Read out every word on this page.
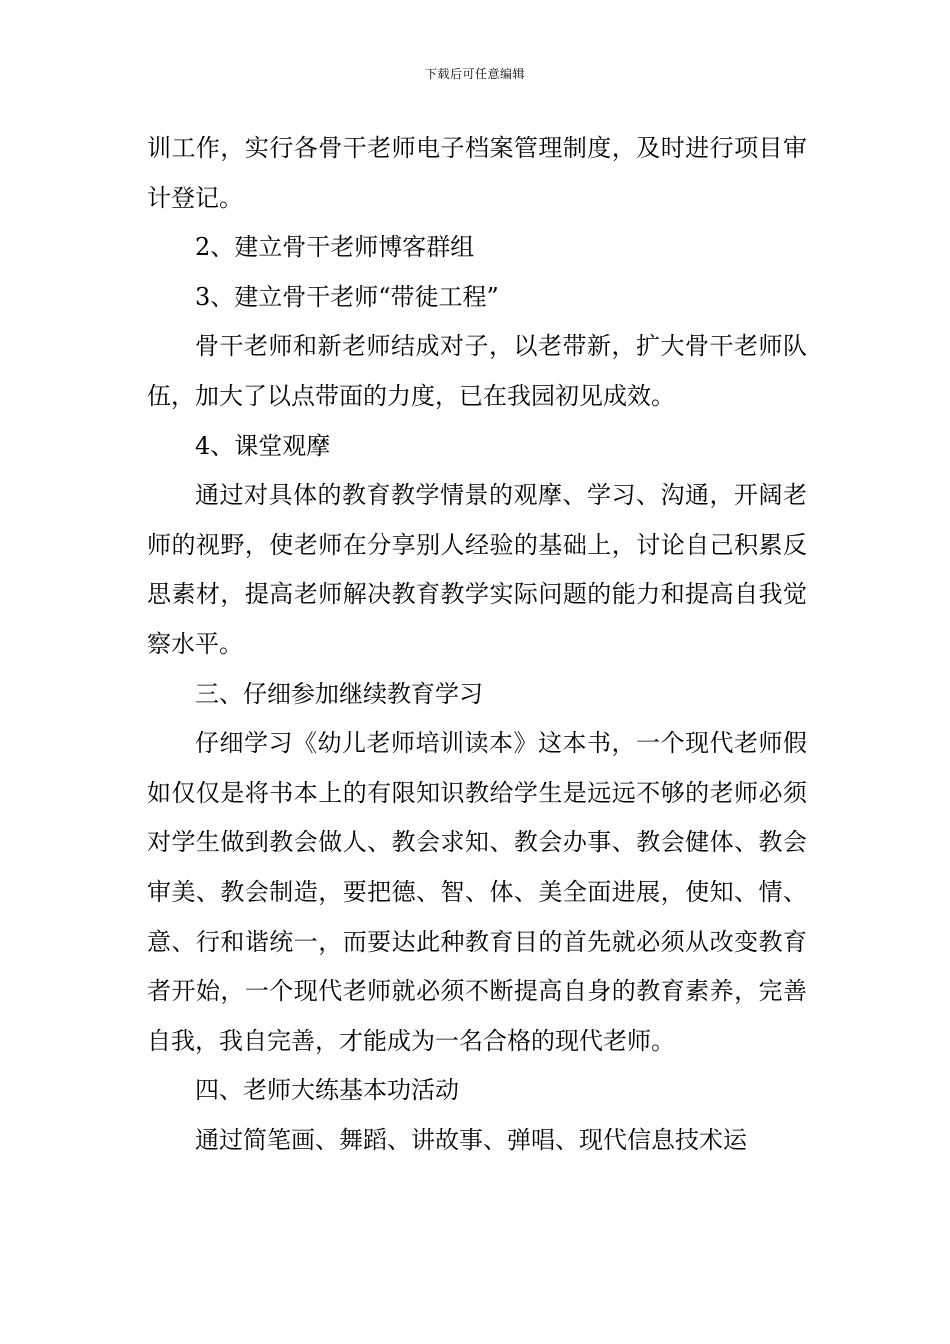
下载后可任意编辑

训工作，实行各骨干老师电子档案管理制度，及时进行项目审计登记。

2、建立骨干老师博客群组

3、建立骨干老师“带徒工程”

骨干老师和新老师结成对子，以老带新，扩大骨干老师队伍，加大了以点带面的力度，已在我园初见成效。

4、课堂观摩

通过对具体的教育教学情景的观摩、学习、沟通，开阔老师的视野，使老师在分享别人经验的基础上，讨论自己积累反思素材，提高老师解决教育教学实际问题的能力和提高自我觉察水平。

三、仔细参加继续教育学习

仔细学习《幼儿老师培训读本》这本书，一个现代老师假如仅仅是将书本上的有限知识教给学生是远远不够的老师必须对学生做到教会做人、教会求知、教会办事、教会健体、教会审美、教会制造，要把德、智、体、美全面进展，使知、情、意、行和谐统一，而要达此种教育目的首先就必须从改变教育者开始，一个现代老师就必须不断提高自身的教育素养，完善自我，我自完善，才能成为一名合格的现代老师。

四、老师大练基本功活动

通过简笔画、舞蹈、讲故事、弹唱、现代信息技术运
